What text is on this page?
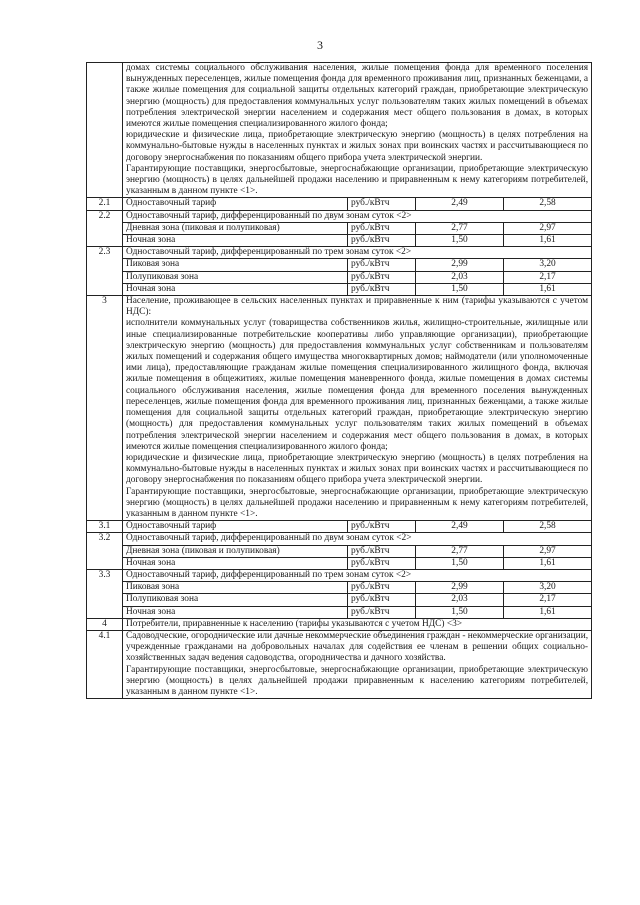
3

	домах системы социального обслуживания населения, жилые помещения фонда для временного поселения вынужденных переселенцев, жилые помещения фонда для временного проживания лиц, признанных беженцами, а также жилые помещения для социальной защиты отдельных категорий граждан, приобретающие электрическую энергию (мощность) для предоставления коммунальных услуг пользователям таких жилых помещений в объемах потребления электрической энергии населением и содержания мест общего пользования в домах, в которых имеются жилые помещения специализированного жилого фонда;

юридические и физические лица, приобретающие электрическую энергию (мощность) в целях потребления на коммунально-бытовые нужды в населенных пунктах и жилых зонах при воинских частях и рассчитывающиеся по договору энергоснабжения по показаниям общего прибора учета электрической энергии.

Гарантирующие поставщики, энергосбытовые, энергоснабжающие организации, приобретающие электрическую энергию (мощность) в целях дальнейшей продажи населению и приравненным к нему категориям потребителей, указанным в данном пункте <1>.			

2.1	Одноставочный тариф	руб./кВтч	2,49	2,58
2.2	Одноставочный тариф, дифференцированный по двум зонам суток <2>			
	Дневная зона (пиковая и полупиковая)	руб./кВтч	2,77	2,97
	Ночная зона	руб./кВтч	1,50	1,61
2.3	Одноставочный тариф, дифференцированный по трем зонам суток <2>			
	Пиковая зона	руб./кВтч	2,99	3,20
	Полупиковая зона	руб./кВтч	2,03	2,17
	Ночная зона	руб./кВтч	1,50	1,61
3	Население, проживающее в сельских населенных пунктах и приравненные к ним (тарифы указываются с учетом НДС):

исполнители коммунальных услуг (товарищества собственников жилья, жилищно-строительные, жилищные или иные специализированные потребительские кооперативы либо управляющие организации), приобретающие электрическую энергию (мощность) для предоставления коммунальных услуг собственникам и пользователям жилых помещений и содержания общего имущества многоквартирных домов; наймодатели (или уполномоченные ими лица), предоставляющие гражданам жилые помещения специализированного жилищного фонда, включая жилые помещения в общежитиях, жилые помещения маневренного фонда, жилые помещения в домах системы социального обслуживания населения, жилые помещения фонда для временного поселения вынужденных переселенцев, жилые помещения фонда для временного проживания лиц, признанных беженцами, а также жилые помещения для социальной защиты отдельных категорий граждан, приобретающие электрическую энергию (мощность) для предоставления коммунальных услуг пользователям таких жилых помещений в объемах потребления электрической энергии населением и содержания мест общего пользования в домах, в которых имеются жилые помещения специализированного жилого фонда;

юридические и физические лица, приобретающие электрическую энергию (мощность) в целях потребления на коммунально-бытовые нужды в населенных пунктах и жилых зонах при воинских частях и рассчитывающиеся по договору энергоснабжения по показаниям общего прибора учета электрической энергии.

Гарантирующие поставщики, энергосбытовые, энергоснабжающие организации, приобретающие электрическую энергию (мощность) в целях дальнейшей продажи населению и приравненным к нему категориям потребителей, указанным в данном пункте <1>.			

3.1	Одноставочный тариф	руб./кВтч	2,49	2,58
3.2	Одноставочный тариф, дифференцированный по двум зонам суток <2>			
	Дневная зона (пиковая и полупиковая)	руб./кВтч	2,77	2,97
	Ночная зона	руб./кВтч	1,50	1,61
3.3	Одноставочный тариф, дифференцированный по трем зонам суток <2>			
	Пиковая зона	руб./кВтч	2,99	3,20
	Полупиковая зона	руб./кВтч	2,03	2,17
	Ночная зона	руб./кВтч	1,50	1,61
4	Потребители, приравненные к населению (тарифы указываются с учетом НДС) <3>			
4.1	Садоводческие, огороднические или дачные некоммерческие объединения граждан - некоммерческие организации, учрежденные гражданами на добровольных началах для содействия ее членам в решении общих социально-хозяйственных задач ведения садоводства, огородничества и дачного хозяйства.

Гарантирующие поставщики, энергосбытовые, энергоснабжающие организации, приобретающие электрическую энергию (мощность) в целях дальнейшей продажи приравненным к населению категориям потребителей, указанным в данном пункте <1>.			
